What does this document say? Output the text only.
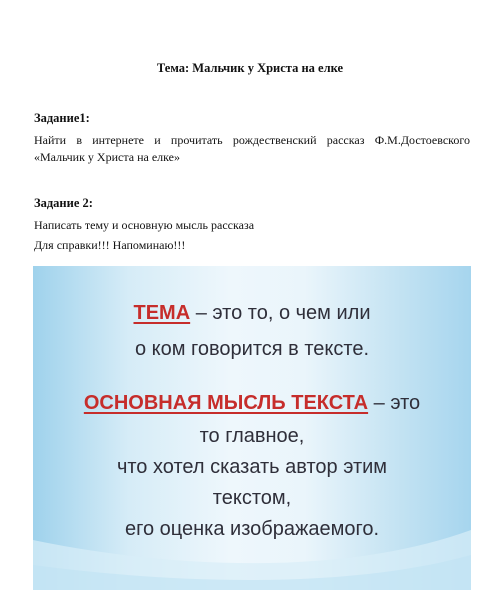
Тема: Мальчик у Христа на елке
Задание1:
Найти в интернете и прочитать рождественский рассказ Ф.М.Достоевского «Мальчик у Христа на елке»
Задание 2:
Написать тему и основную мысль рассказа
Для справки!!! Напоминаю!!!
ТЕМА – это то, о чем или
о ком говорится в тексте.
ОСНОВНАЯ МЫСЛЬ ТЕКСТА – это
то главное,
что хотел сказать автор этим
текстом,
его оценка изображаемого.
